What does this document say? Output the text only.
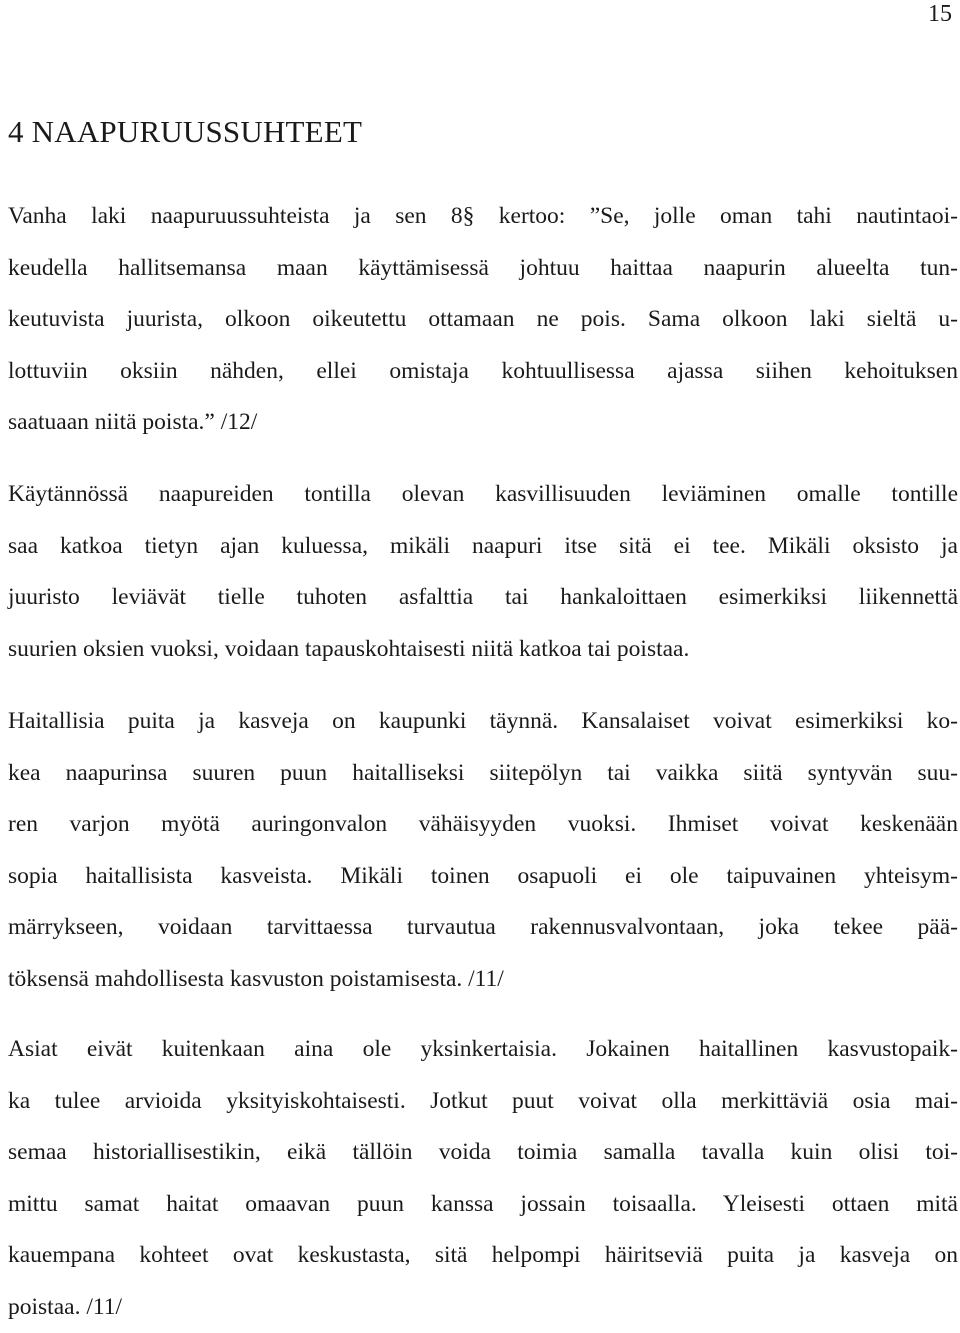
15
4 NAAPURUUSSUHTEET
Vanha laki naapuruussuhteista ja sen 8§ kertoo: ”Se, jolle oman tahi nautintaoi-
keudella hallitsemansa maan käyttämisessä johtuu haittaa naapurin alueelta tun-
keutuvista juurista, olkoon oikeutettu ottamaan ne pois. Sama olkoon laki sieltä u-
lottuviin oksiin nähden, ellei omistaja kohtuullisessa ajassa siihen kehoituksen
saatuaan niitä poista.” /12/
Käytännössä naapureiden tontilla olevan kasvillisuuden leviäminen omalle tontille
saa katkoa tietyn ajan kuluessa, mikäli naapuri itse sitä ei tee. Mikäli oksisto ja
juuristo leviävät tielle tuhoten asfalttia tai hankaloittaen esimerkiksi liikennettä
suurien oksien vuoksi, voidaan tapauskohtaisesti niitä katkoa tai poistaa.
Haitallisia puita ja kasveja on kaupunki täynnä. Kansalaiset voivat esimerkiksi ko-
kea naapurinsa suuren puun haitalliseksi siitepölyn tai vaikka siitä syntyvän suu-
ren varjon myötä auringonvalon vähäisyyden vuoksi. Ihmiset voivat keskenään
sopia haitallisista kasveista. Mikäli toinen osapuoli ei ole taipuvainen yhteisym-
märrykseen, voidaan tarvittaessa turvautua rakennusvalvontaan, joka tekee pää-
töksensä mahdollisesta kasvuston poistamisesta. /11/
Asiat eivät kuitenkaan aina ole yksinkertaisia. Jokainen haitallinen kasvustopaik-
ka tulee arvioida yksityiskohtaisesti. Jotkut puut voivat olla merkittäviä osia mai-
semaa historiallisestikin, eikä tällöin voida toimia samalla tavalla kuin olisi toi-
mittu samat haitat omaavan puun kanssa jossain toisaalla. Yleisesti ottaen mitä
kauempana kohteet ovat keskustasta, sitä helpompi häiritseviä puita ja kasveja on
poistaa. /11/
